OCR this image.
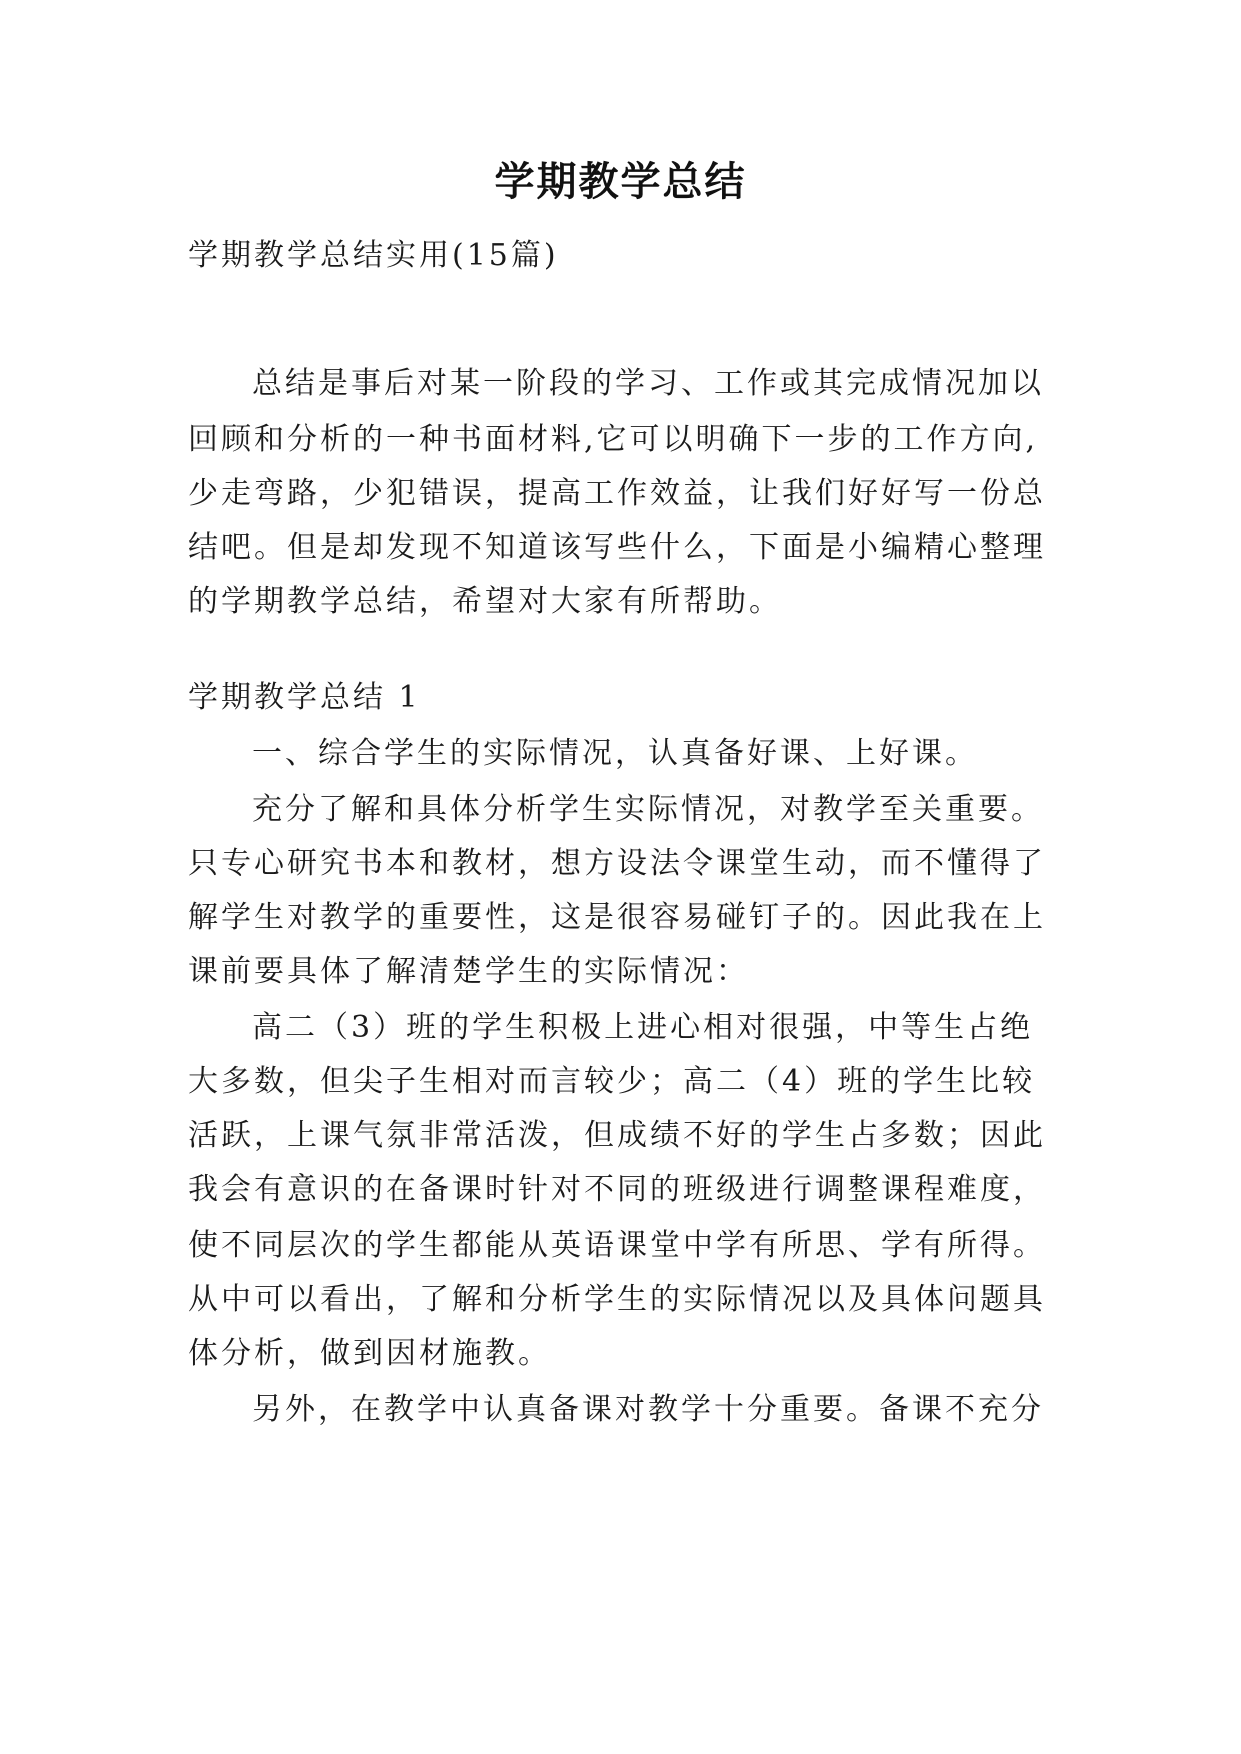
学期教学总结
学期教学总结实用(15篇)
总结是事后对某一阶段的学习、工作或其完成情况加以
回顾和分析的一种书面材料,它可以明确下一步的工作方向,
少走弯路，少犯错误，提高工作效益，让我们好好写一份总
结吧。但是却发现不知道该写些什么，下面是小编精心整理
的学期教学总结，希望对大家有所帮助。
学期教学总结 1
一、综合学生的实际情况，认真备好课、上好课。
充分了解和具体分析学生实际情况，对教学至关重要。
只专心研究书本和教材，想方设法令课堂生动，而不懂得了
解学生对教学的重要性，这是很容易碰钉子的。因此我在上
课前要具体了解清楚学生的实际情况：
高二（3）班的学生积极上进心相对很强，中等生占绝
大多数，但尖子生相对而言较少；高二（4）班的学生比较
活跃，上课气氛非常活泼，但成绩不好的学生占多数；因此
我会有意识的在备课时针对不同的班级进行调整课程难度，
使不同层次的学生都能从英语课堂中学有所思、学有所得。
从中可以看出，了解和分析学生的实际情况以及具体问题具
体分析，做到因材施教。
另外，在教学中认真备课对教学十分重要。备课不充分
